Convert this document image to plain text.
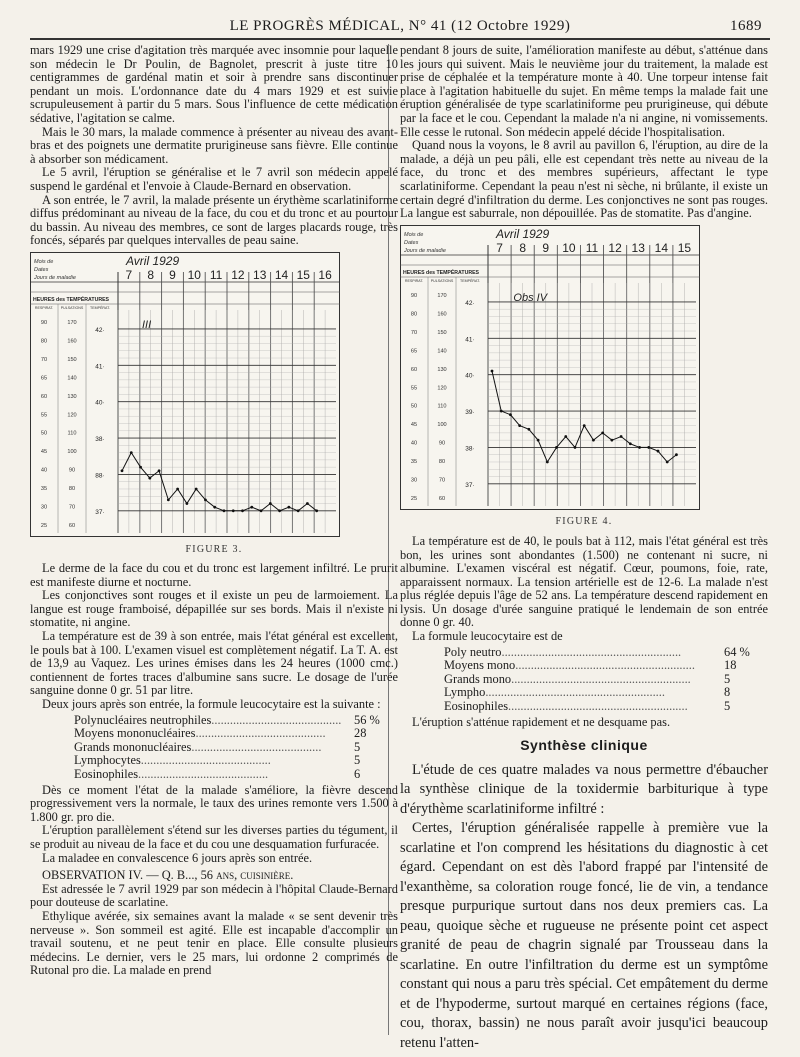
LE PROGRÈS MÉDICAL, N° 41 (12 Octobre 1929)	1689

mars 1929 une crise d'agitation très marquée avec insomnie pour laquelle son médecin le Dr Poulin, de Bagnolet, prescrit à juste titre 10 centigrammes de gardénal matin et soir à prendre sans discontinuer pendant un mois. L'ordonnance date du 4 mars 1929 et est suivie scrupuleusement à partir du 5 mars. Sous l'influence de cette médication sédative, l'agitation se calme.

Mais le 30 mars, la malade commence à présenter au niveau des avant-bras et des poignets une dermatite prurigineuse sans fièvre. Elle continue à absorber son médicament.

Le 5 avril, l'éruption se généralise et le 7 avril son médecin appelé suspend le gardénal et l'envoie à Claude-Bernard en observation.

A son entrée, le 7 avril, la malade présente un érythème scarlatiniforme diffus prédominant au niveau de la face, du cou et du tronc et au pourtour du bassin. Au niveau des membres, ce sont de larges placards rouge, très foncés, séparés par quelques intervalles de peau saine.

Mois de
Dates
Jours de maladie
Avril 1929
7 8 9 10 11 12 13 14 15 16
HEURES des TEMPÉRATURES
RESPIRAT. PULSATIONS TEMPÉRAT.
42·
41·
40·
38·
88·
37·
170
90
160
80
150
70
140
65
130
60
120
55
110
50
100
45
90
40
80
35
70
30
60
25
III
FIGURE 3.

Le derme de la face du cou et du tronc est largement infiltré. Le prurit est manifeste diurne et nocturne.

Les conjonctives sont rouges et il existe un peu de larmoiement. La langue est rouge framboisé, dépapillée sur ses bords. Mais il n'existe ni stomatite, ni angine.

La température est de 39 à son entrée, mais l'état général est excellent, le pouls bat à 100. L'examen visuel est complètement négatif. La T. A. est de 13,9 au Vaquez. Les urines émises dans les 24 heures (1000 cmc.) contiennent de fortes traces d'albumine sans sucre. Le dosage de l'urée sanguine donne 0 gr. 51 par litre.

Deux jours après son entrée, la formule leucocytaire est la suivante :

Polynucléaires neutrophiles ..........................................	56 %
Moyens mononucléaires ..........................................	28
Grands mononucléaires ..........................................	5
Lymphocytes ..........................................	5
Eosinophiles ..........................................	6

Dès ce moment l'état de la malade s'améliore, la fièvre descend progressivement vers la normale, le taux des urines remonte vers 1.500 à 1.800 gr. pro die.

L'éruption parallèlement s'étend sur les diverses parties du tégument, il se produit au niveau de la face et du cou une desquamation furfuracée.

La maladee en convalescence 6 jours après son entrée.

OBSERVATION IV. — Q. B..., 56 ans, cuisinière.

Est adressée le 7 avril 1929 par son médecin à l'hôpital Claude-Bernard pour douteuse de scarlatine.

Ethylique avérée, six semaines avant la malade « se sent devenir très nerveuse ». Son sommeil est agité. Elle est incapable d'accomplir un travail soutenu, et ne peut tenir en place. Elle consulte plusieurs médecins. Le dernier, vers le 25 mars, lui ordonne 2 comprimés de Rutonal pro die. La malade en prend

pendant 8 jours de suite, l'amélioration manifeste au début, s'atténue dans les jours qui suivent. Mais le neuvième jour du traitement, la malade est prise de céphalée et la température monte à 40. Une torpeur intense fait place à l'agitation habituelle du sujet. En même temps la malade fait une éruption généralisée de type scarlatiniforme peu prurigineuse, qui débute par la face et le cou. Cependant la malade n'a ni angine, ni vomissements. Elle cesse le rutonal. Son médecin appelé décide l'hospitalisation.

Quand nous la voyons, le 8 avril au pavillon 6, l'éruption, au dire de la malade, a déjà un peu pâli, elle est cependant très nette au niveau de la face, du tronc et des membres supérieurs, affectant le type scarlatiniforme. Cependant la peau n'est ni sèche, ni brûlante, il existe un certain degré d'infiltration du derme. Les conjonctives ne sont pas rouges. La langue est saburrale, non dépouillée. Pas de stomatite. Pas d'angine.

Mois de
Dates
Jours de maladie
Avril 1929
7 8 9 10 11 12 13 14 15
HEURES des TEMPÉRATURES
RESPIRAT. PULSATIONS TEMPÉRAT.
42·
41·
40·
39·
38·
37·
170
90
160
80
150
70
140
65
130
60
120
55
110
50
100
45
90
40
80
35
70
30
60
25
Obs IV
FIGURE 4.

La température est de 40, le pouls bat à 112, mais l'état général est très bon, les urines sont abondantes (1.500) ne contenant ni sucre, ni albumine. L'examen viscéral est négatif. Cœur, poumons, foie, rate, apparaissent normaux. La tension artérielle est de 12-6. La malade n'est plus réglée depuis l'âge de 52 ans. La température descend rapidement en lysis. Un dosage d'urée sanguine pratiqué le lendemain de son entrée donne 0 gr. 40.

La formule leucocytaire est de

Poly neutro ..........................................................	64 %
Moyens mono ..........................................................	18
Grands mono ..........................................................	5
Lympho ..........................................................	8
Eosinophiles ..........................................................	5

L'éruption s'atténue rapidement et ne desquame pas.

Synthèse clinique

L'étude de ces quatre malades va nous permettre d'ébaucher la synthèse clinique de la toxidermie barbiturique à type d'érythème scarlatiniforme infiltré :

Certes, l'éruption généralisée rappelle à première vue la scarlatine et l'on comprend les hésitations du diagnostic à cet égard. Cependant on est dès l'abord frappé par l'intensité de l'exanthème, sa coloration rouge foncé, lie de vin, a tendance presque purpurique surtout dans nos deux premiers cas. La peau, quoique sèche et rugueuse ne présente point cet aspect granité de peau de chagrin signalé par Trousseau dans la scarlatine. En outre l'infiltration du derme est un symptôme constant qui nous a paru très spécial. Cet empâtement du derme et de l'hypoderme, surtout marqué en certaines régions (face, cou, thorax, bassin) ne nous paraît avoir jusqu'ici beaucoup retenu l'atten-
